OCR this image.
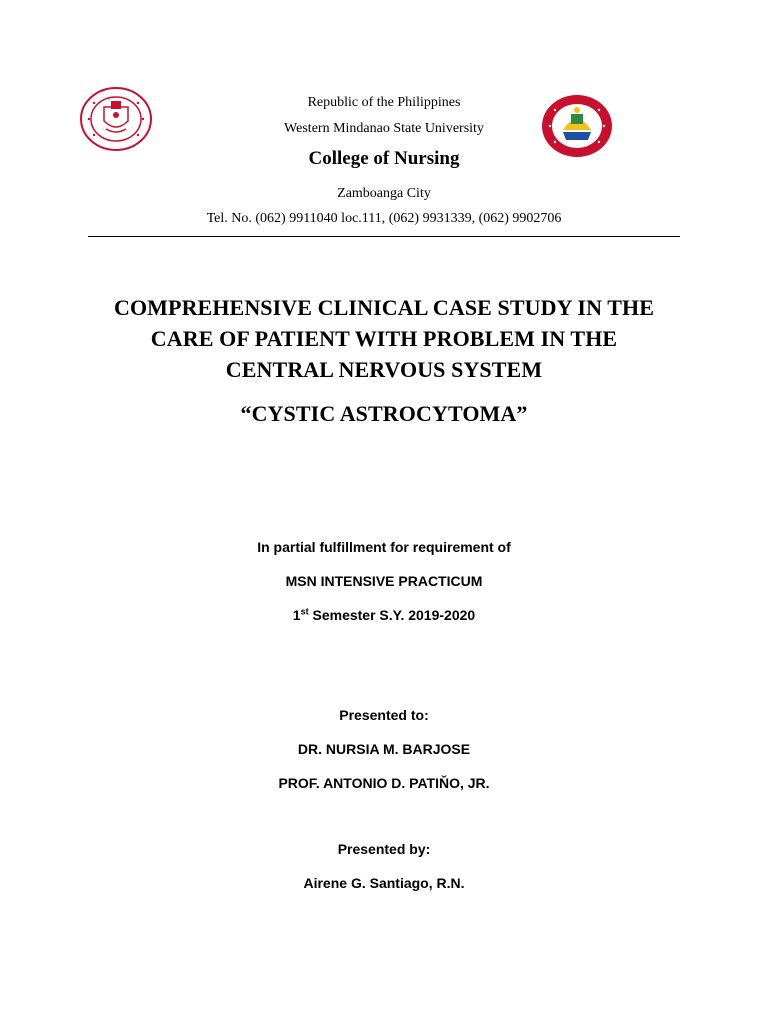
Republic of the Philippines
Western Mindanao State University
College of Nursing
Zamboanga City
Tel. No. (062) 9911040 loc.111, (062) 9931339, (062) 9902706
COMPREHENSIVE CLINICAL CASE STUDY IN THE
CARE OF PATIENT WITH PROBLEM IN THE
CENTRAL NERVOUS SYSTEM
“CYSTIC ASTROCYTOMA”
In partial fulfillment for requirement of
MSN INTENSIVE PRACTICUM
1st Semester S.Y. 2019-2020
Presented to:
DR. NURSIA M. BARJOSE
PROF. ANTONIO D. PATIŇO, JR.
Presented by:
Airene G. Santiago, R.N.
